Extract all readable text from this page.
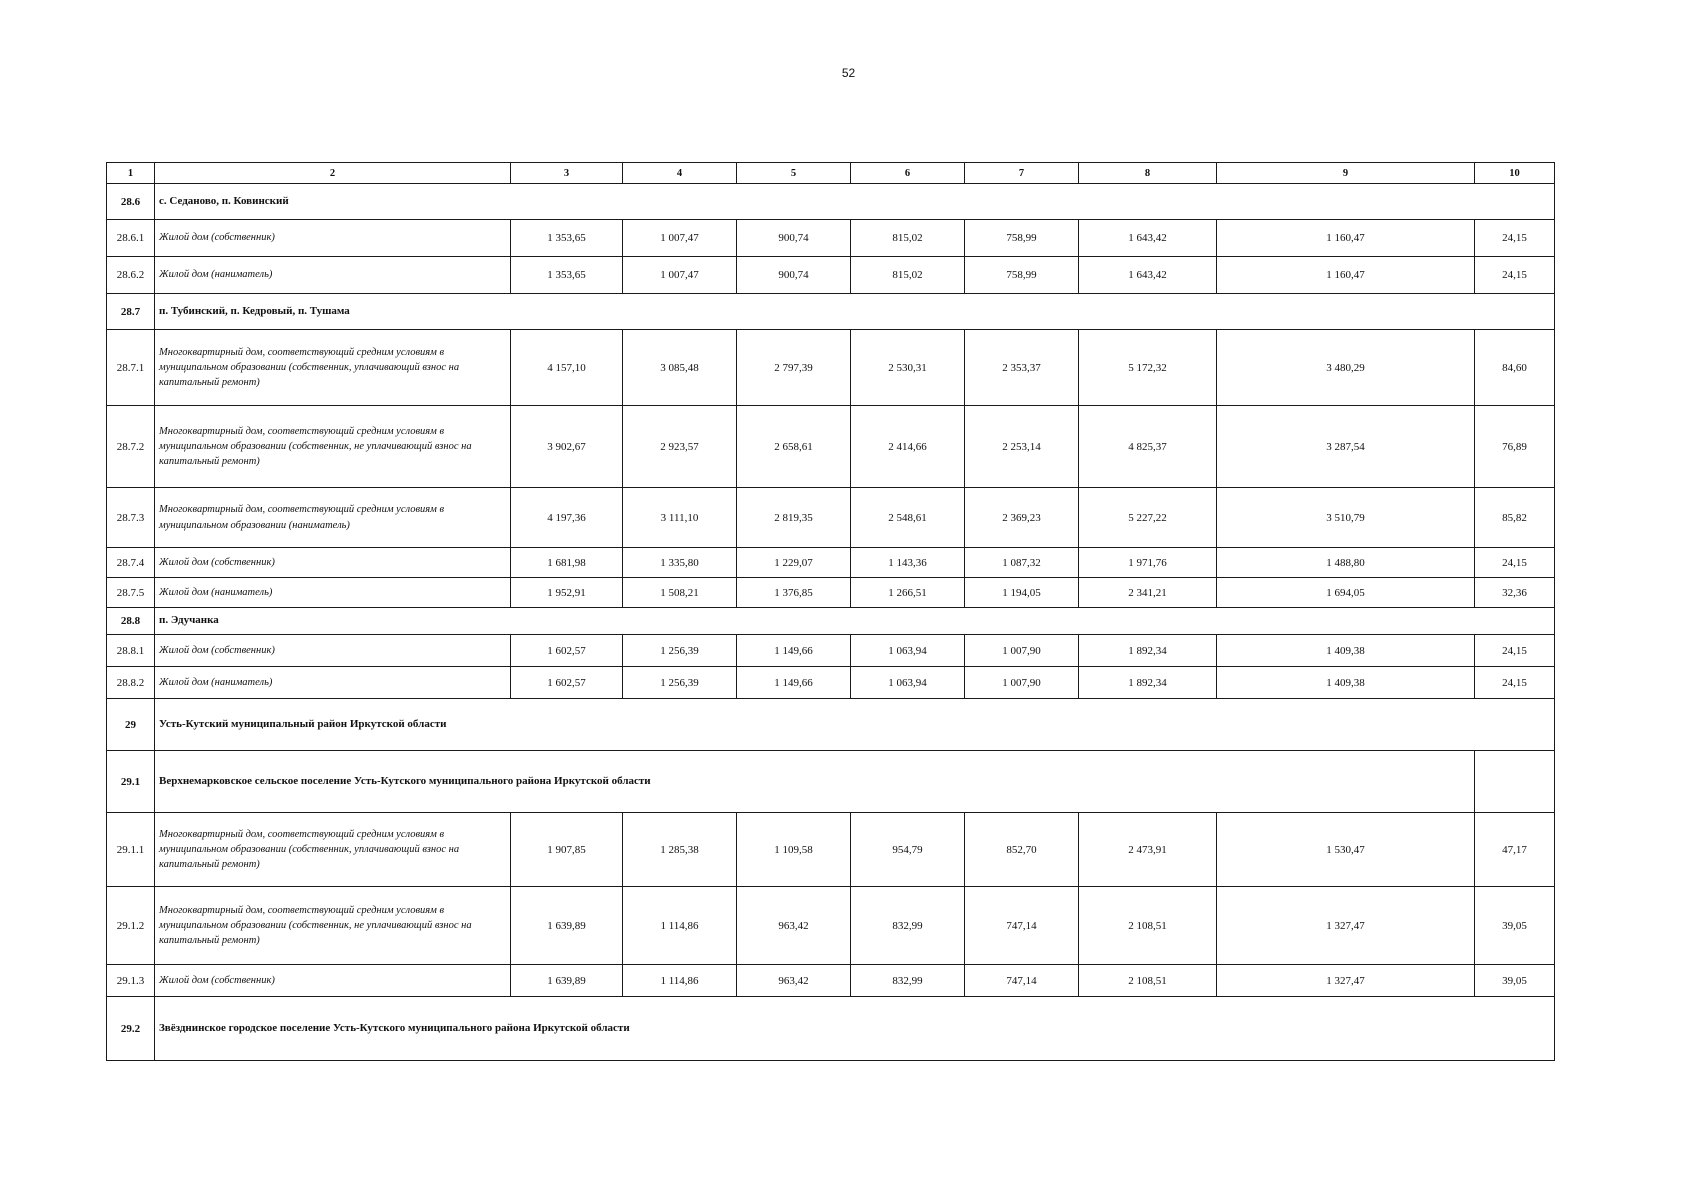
52
1	2	3	4	5	6	7	8	9	10
28.6	с. Седаново, п. Ковинский								
28.6.1	Жилой дом (собственник)	1 353,65	1 007,47	900,74	815,02	758,99	1 643,42	1 160,47	24,15
28.6.2	Жилой дом (наниматель)	1 353,65	1 007,47	900,74	815,02	758,99	1 643,42	1 160,47	24,15
28.7	п. Тубинский, п. Кедровый, п. Тушама								
28.7.1	Многоквартирный дом, соответствующий средним условиям в муниципальном образовании (собственник, уплачивающий взнос на капитальный ремонт)	4 157,10	3 085,48	2 797,39	2 530,31	2 353,37	5 172,32	3 480,29	84,60
28.7.2	Многоквартирный дом, соответствующий средним условиям в муниципальном образовании (собственник, не уплачивающий взнос на капитальный ремонт)	3 902,67	2 923,57	2 658,61	2 414,66	2 253,14	4 825,37	3 287,54	76,89
28.7.3	Многоквартирный дом, соответствующий средним условиям в муниципальном образовании (наниматель)	4 197,36	3 111,10	2 819,35	2 548,61	2 369,23	5 227,22	3 510,79	85,82
28.7.4	Жилой дом (собственник)	1 681,98	1 335,80	1 229,07	1 143,36	1 087,32	1 971,76	1 488,80	24,15
28.7.5	Жилой дом (наниматель)	1 952,91	1 508,21	1 376,85	1 266,51	1 194,05	2 341,21	1 694,05	32,36
28.8	п. Эдучанка								
28.8.1	Жилой дом (собственник)	1 602,57	1 256,39	1 149,66	1 063,94	1 007,90	1 892,34	1 409,38	24,15
28.8.2	Жилой дом (наниматель)	1 602,57	1 256,39	1 149,66	1 063,94	1 007,90	1 892,34	1 409,38	24,15
29	Усть-Кутский муниципальный район Иркутской области								
29.1	Верхнемарковское сельское поселение Усть-Кутского муниципального района Иркутской области								
29.1.1	Многоквартирный дом, соответствующий средним условиям в муниципальном образовании (собственник, уплачивающий взнос на капитальный ремонт)	1 907,85	1 285,38	1 109,58	954,79	852,70	2 473,91	1 530,47	47,17
29.1.2	Многоквартирный дом, соответствующий средним условиям в муниципальном образовании (собственник, не уплачивающий взнос на капитальный ремонт)	1 639,89	1 114,86	963,42	832,99	747,14	2 108,51	1 327,47	39,05
29.1.3	Жилой дом (собственник)	1 639,89	1 114,86	963,42	832,99	747,14	2 108,51	1 327,47	39,05
29.2	Звёзднинское городское поселение Усть-Кутского муниципального района Иркутской области								
